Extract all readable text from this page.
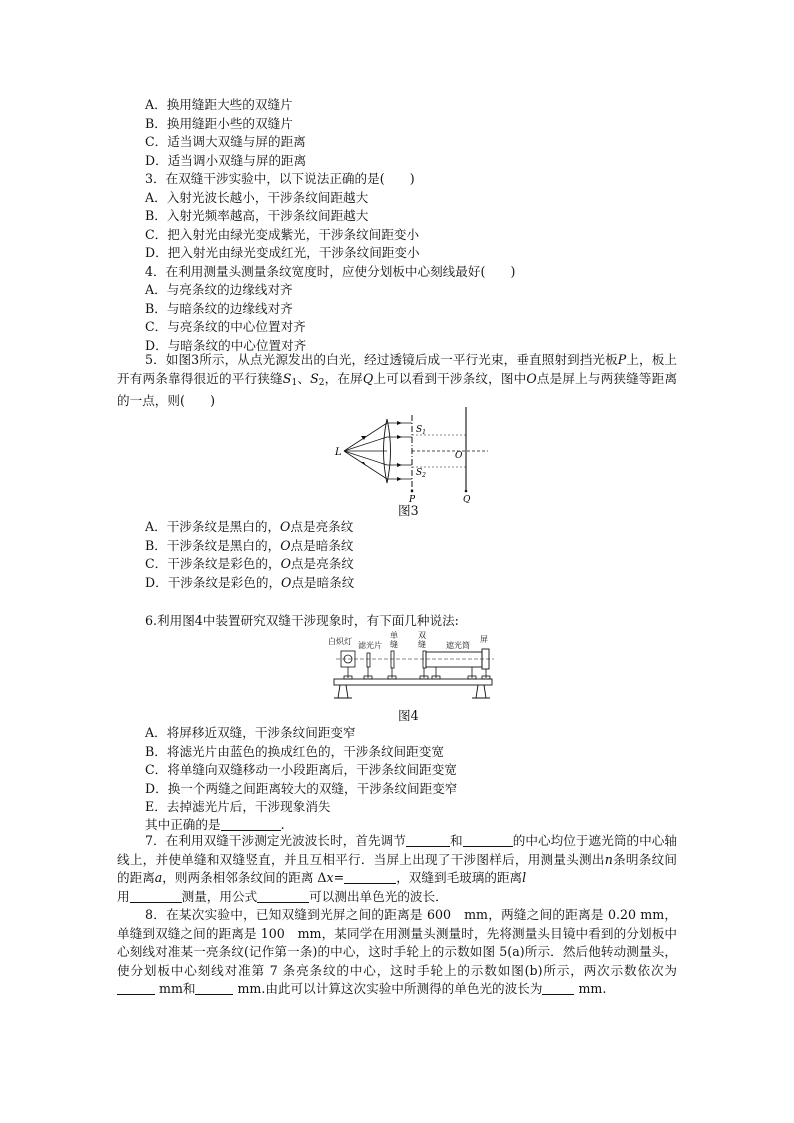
A．换用缝距大些的双缝片
B．换用缝距小些的双缝片
C．适当调大双缝与屏的距离
D．适当调小双缝与屏的距离
3．在双缝干涉实验中，以下说法正确的是(　　)
A．入射光波长越小，干涉条纹间距越大
B．入射光频率越高，干涉条纹间距越大
C．把入射光由绿光变成紫光，干涉条纹间距变小
D．把入射光由绿光变成红光，干涉条纹间距变小
4．在利用测量头测量条纹宽度时，应使分划板中心刻线最好(　　)
A．与亮条纹的边缘线对齐
B．与暗条纹的边缘线对齐
C．与亮条纹的中心位置对齐
D．与暗条纹的中心位置对齐
5．如图3所示，从点光源发出的白光，经过透镜后成一平行光束，垂直照射到挡光板P上，板上开有两条靠得很近的平行狭缝$S_1$、$S_2$，在屏Q上可以看到干涉条纹，图中O点是屏上与两狭缝等距离的一点，则(　　)
L
$S_1$
$S_2$
O
P	Q
图3
A．干涉条纹是黑白的，O点是亮条纹
B．干涉条纹是黑白的，O点是暗条纹
C．干涉条纹是彩色的，O点是亮条纹
D．干涉条纹是彩色的，O点是暗条纹
6.利用图4中装置研究双缝干涉现象时，有下面几种说法:
白炽灯 滤光片
单
缝
双
缝	遮光筒
屏
图4
A．将屏移近双缝，干涉条纹间距变窄
B．将滤光片由蓝色的换成红色的，干涉条纹间距变宽
C．将单缝向双缝移动一小段距离后，干涉条纹间距变宽
D．换一个两缝之间距离较大的双缝，干涉条纹间距变窄
E．去掉滤光片后，干涉现象消失
其中正确的是	.
7．在利用双缝干涉测定光波波长时，首先调节	和	的中心均位于遮光筒的中心轴线上，并使单缝和双缝竖直，并且互相平行．当屏上出现了干涉图样后，用测量头测出n条明条纹间的距离a，则两条相邻条纹间的距离 Δx=	，双缝到毛玻璃的距离l
用	测量，用公式	可以测出单色光的波长．
8．在某次实验中，已知双缝到光屏之间的距离是 600　mm，两缝之间的距离是 0.20 mm，单缝到双缝之间的距离是 100　mm，某同学在用测量头测量时，先将测量头目镜中看到的分划板中心刻线对准某一亮条纹(记作第一条)的中心，这时手轮上的示数如图 5(a)所示．然后他转动测量头，使分划板中心刻线对准第 7 条亮条纹的中心，这时手轮上的示数如图(b)所示，两次示数依次为 mm和	mm.由此可以计算这次实验中所测得的单色光的波长为	mm.
